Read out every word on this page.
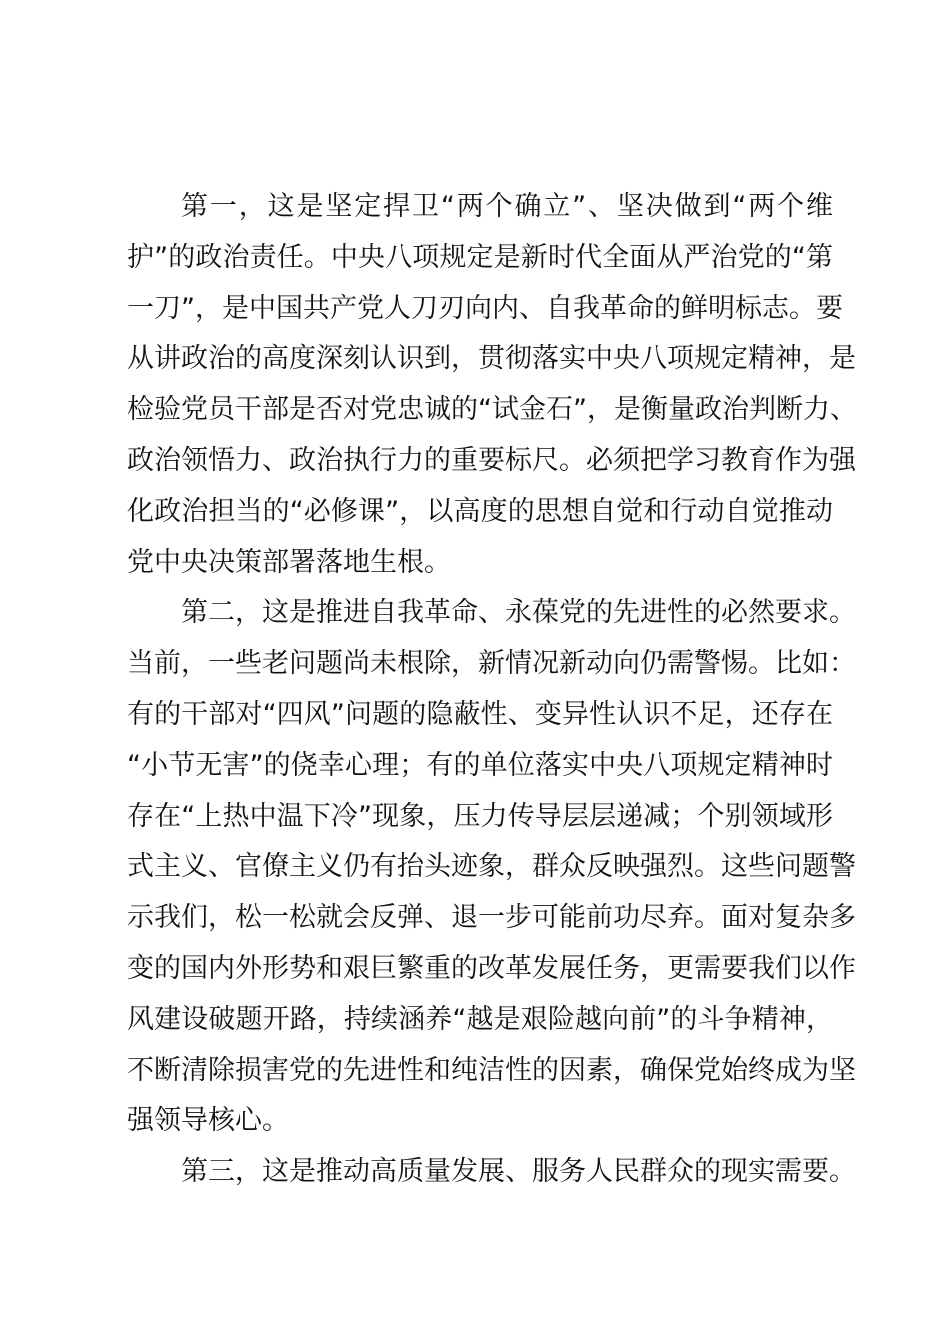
第一，这是坚定捍卫“两个确立”、坚决做到“两个维
护”的政治责任。中央八项规定是新时代全面从严治党的“第
一刀”，是中国共产党人刀刃向内、自我革命的鲜明标志。要
从讲政治的高度深刻认识到，贯彻落实中央八项规定精神，是
检验党员干部是否对党忠诚的“试金石”，是衡量政治判断力、
政治领悟力、政治执行力的重要标尺。必须把学习教育作为强
化政治担当的“必修课”，以高度的思想自觉和行动自觉推动
党中央决策部署落地生根。
第二，这是推进自我革命、永葆党的先进性的必然要求。
当前，一些老问题尚未根除，新情况新动向仍需警惕。比如：
有的干部对“四风”问题的隐蔽性、变异性认识不足，还存在
“小节无害”的侥幸心理；有的单位落实中央八项规定精神时
存在“上热中温下冷”现象，压力传导层层递减；个别领域形
式主义、官僚主义仍有抬头迹象，群众反映强烈。这些问题警
示我们，松一松就会反弹、退一步可能前功尽弃。面对复杂多
变的国内外形势和艰巨繁重的改革发展任务，更需要我们以作
风建设破题开路，持续涵养“越是艰险越向前”的斗争精神，
不断清除损害党的先进性和纯洁性的因素，确保党始终成为坚
强领导核心。
第三，这是推动高质量发展、服务人民群众的现实需要。
